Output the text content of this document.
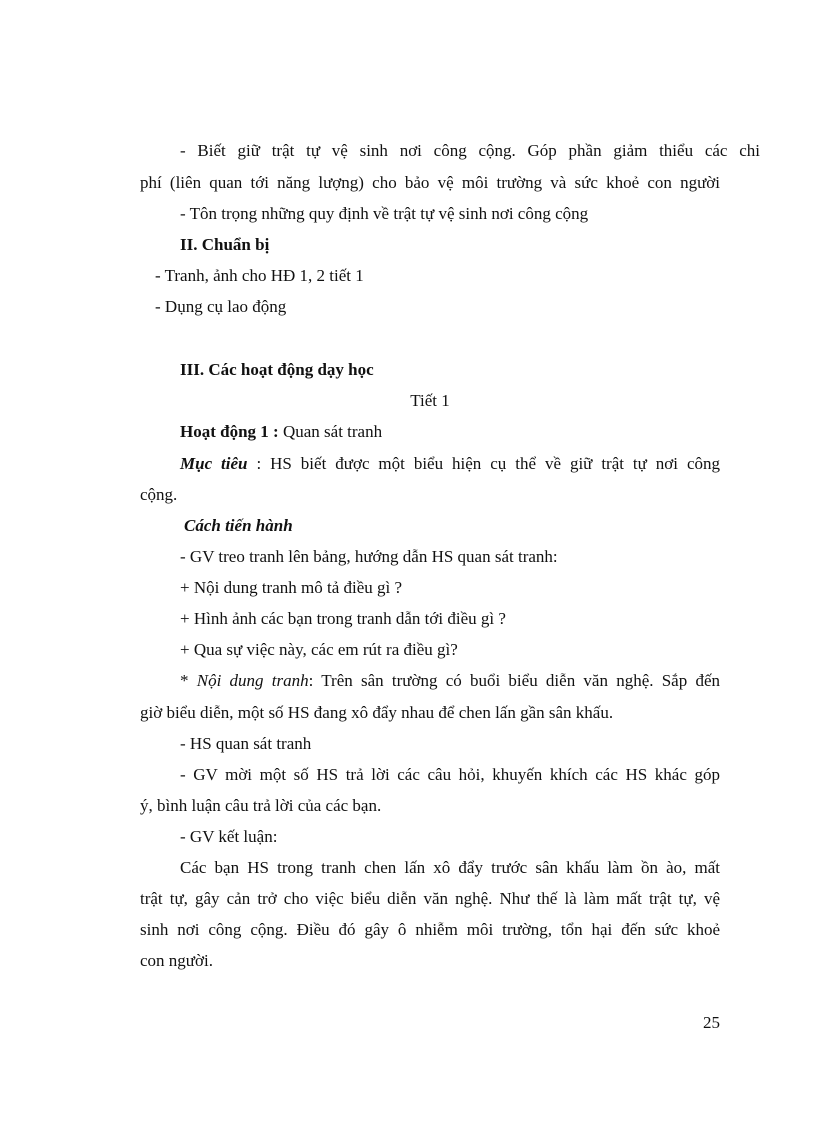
- Biết giữ trật tự vệ sinh nơi công cộng. Góp phần giảm thiểu các chi

phí (liên quan tới năng lượng) cho bảo vệ môi trường và sức khoẻ con người

- Tôn trọng những quy định về trật tự vệ sinh nơi công cộng

II. Chuẩn bị

- Tranh, ảnh cho HĐ 1, 2 tiết 1

- Dụng cụ lao động

III. Các hoạt động dạy học

Tiết 1

Hoạt động 1 : Quan sát tranh

Mục tiêu : HS biết được một biểu hiện cụ thể về giữ trật tự nơi công

cộng.

Cách tiến hành

- GV treo tranh lên bảng, hướng dẫn HS quan sát tranh:

+ Nội dung tranh mô tả điều gì ?

+ Hình ảnh các bạn trong tranh dẫn tới điều gì ?

+ Qua sự việc này, các em rút ra điều gì?

* Nội dung tranh: Trên sân trường có buổi biểu diễn văn nghệ. Sắp đến

giờ biểu diễn, một số HS đang xô đẩy nhau để chen lấn gần sân khấu.

- HS quan sát tranh

- GV mời một số HS trả lời các câu hỏi, khuyến khích các HS khác góp

ý, bình luận câu trả lời của các bạn.

- GV kết luận:

Các bạn HS trong tranh chen lấn xô đẩy trước sân khấu làm ồn ào, mất

trật tự, gây cản trở cho việc biểu diễn văn nghệ. Như thế là làm mất trật tự, vệ

sinh nơi công cộng. Điều đó gây ô nhiễm môi trường, tổn hại đến sức khoẻ

con người.

25
